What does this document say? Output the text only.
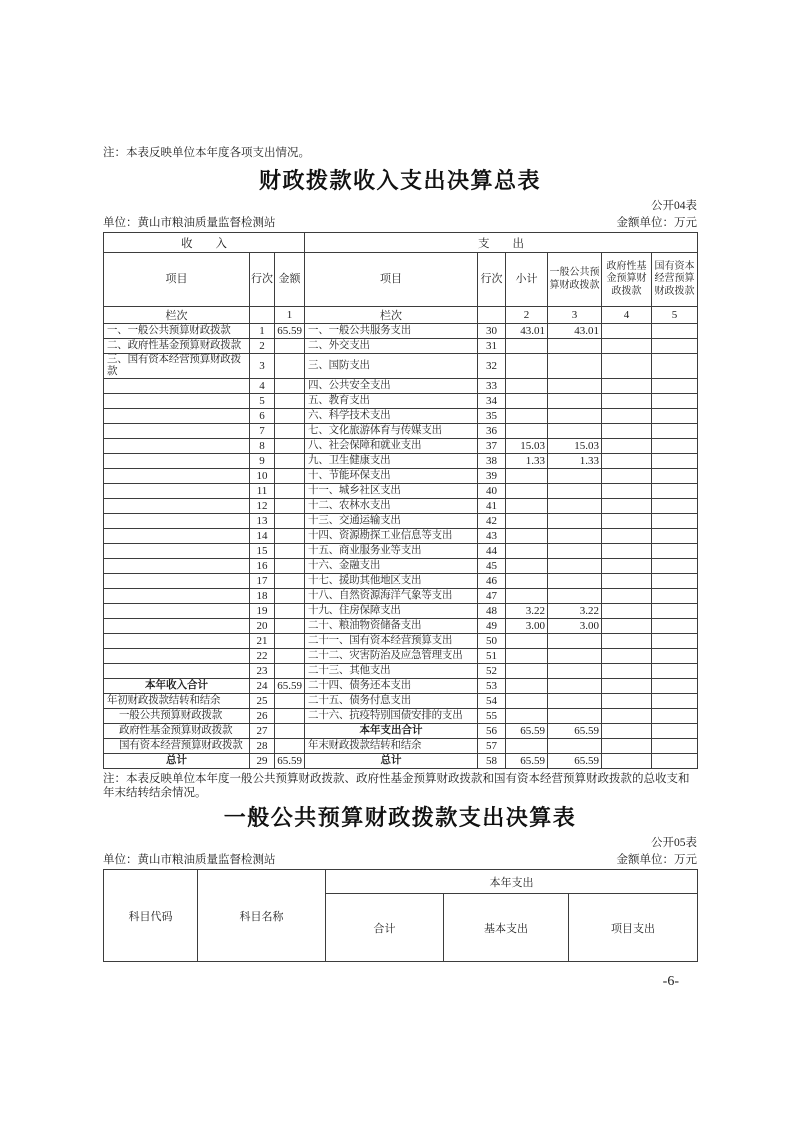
注：本表反映单位本年度各项支出情况。
财政拨款收入支出决算总表
公开04表
单位：黄山市粮油质量监督检测站	金额单位：万元
收　　入			支　　出					
项目	行次	金额	项目	行次	小计	一般公共预算财政拨款	政府性基金预算财政拨款	国有资本经营预算财政拨款
栏次		1	栏次		2	3	4	5
一、一般公共预算财政拨款	1	65.59	一、一般公共服务支出	30	43.01	43.01		
二、政府性基金预算财政拨款	2		二、外交支出	31				
三、国有资本经营预算财政拨款	3		三、国防支出	32				
	4		四、公共安全支出	33				
	5		五、教育支出	34				
	6		六、科学技术支出	35				
	7		七、文化旅游体育与传媒支出	36				
	8		八、社会保障和就业支出	37	15.03	15.03		
	9		九、卫生健康支出	38	1.33	1.33		
	10		十、节能环保支出	39				
	11		十一、城乡社区支出	40				
	12		十二、农林水支出	41				
	13		十三、交通运输支出	42				
	14		十四、资源勘探工业信息等支出	43				
	15		十五、商业服务业等支出	44				
	16		十六、金融支出	45				
	17		十七、援助其他地区支出	46				
	18		十八、自然资源海洋气象等支出	47				
	19		十九、住房保障支出	48	3.22	3.22		
	20		二十、粮油物资储备支出	49	3.00	3.00		
	21		二十一、国有资本经营预算支出	50				
	22		二十二、灾害防治及应急管理支出	51				
	23		二十三、其他支出	52				
本年收入合计	24	65.59	二十四、债务还本支出	53				
年初财政拨款结转和结余	25		二十五、债务付息支出	54				
一般公共预算财政拨款	26		二十六、抗疫特别国债安排的支出	55				
政府性基金预算财政拨款	27		本年支出合计	56	65.59	65.59		
国有资本经营预算财政拨款	28		年末财政拨款结转和结余	57				
总计	29	65.59	总计	58	65.59	65.59		
注：本表反映单位本年度一般公共预算财政拨款、政府性基金预算财政拨款和国有资本经营预算财政拨款的总收支和年末结转结余情况。
一般公共预算财政拨款支出决算表
公开05表
单位：黄山市粮油质量监督检测站	金额单位：万元
科目代码	科目名称	本年支出		
		合计	基本支出	项目支出
-6-
